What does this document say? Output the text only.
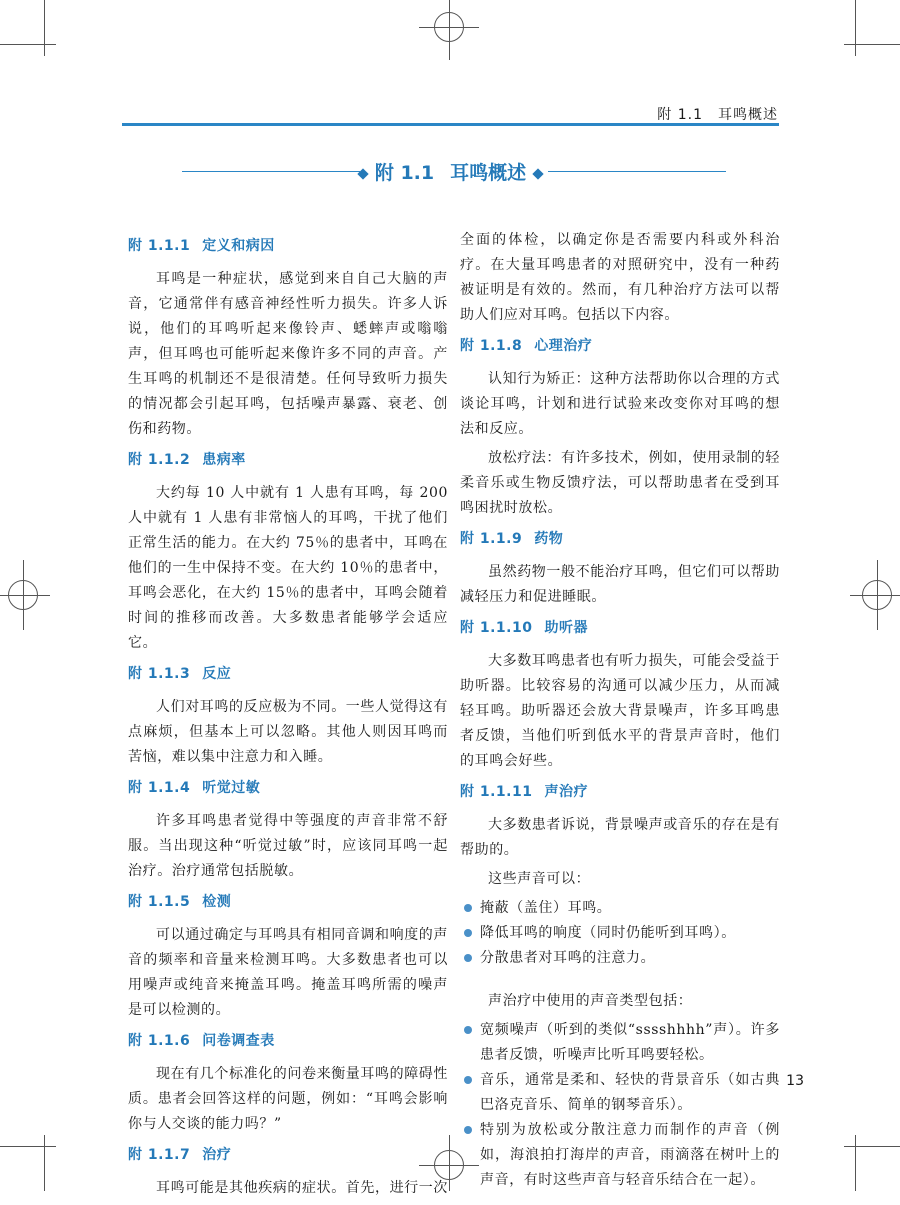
附 1.1　耳鸣概述
附 1.1 耳鸣概述
附 1.1.1 定义和病因

耳鸣是一种症状，感觉到来自自己大脑的声音，它通常伴有感音神经性听力损失。许多人诉说，他们的耳鸣听起来像铃声、蟋蟀声或嗡嗡声，但耳鸣也可能听起来像许多不同的声音。产生耳鸣的机制还不是很清楚。任何导致听力损失的情况都会引起耳鸣，包括噪声暴露、衰老、创伤和药物。

附 1.1.2 患病率

大约每 10 人中就有 1 人患有耳鸣，每 200 人中就有 1 人患有非常恼人的耳鸣，干扰了他们正常生活的能力。在大约 75％的患者中，耳鸣在他们的一生中保持不变。在大约 10％的患者中，耳鸣会恶化，在大约 15％的患者中，耳鸣会随着时间的推移而改善。大多数患者能够学会适应它。

附 1.1.3 反应

人们对耳鸣的反应极为不同。一些人觉得这有点麻烦，但基本上可以忽略。其他人则因耳鸣而苦恼，难以集中注意力和入睡。

附 1.1.4 听觉过敏

许多耳鸣患者觉得中等强度的声音非常不舒服。当出现这种“听觉过敏”时，应该同耳鸣一起治疗。治疗通常包括脱敏。

附 1.1.5 检测

可以通过确定与耳鸣具有相同音调和响度的声音的频率和音量来检测耳鸣。大多数患者也可以用噪声或纯音来掩盖耳鸣。掩盖耳鸣所需的噪声是可以检测的。

附 1.1.6 问卷调查表

现在有几个标准化的问卷来衡量耳鸣的障碍性质。患者会回答这样的问题，例如：“耳鸣会影响你与人交谈的能力吗？”

附 1.1.7 治疗

耳鸣可能是其他疾病的症状。首先，进行一次

全面的体检，以确定你是否需要内科或外科治疗。在大量耳鸣患者的对照研究中，没有一种药被证明是有效的。然而，有几种治疗方法可以帮助人们应对耳鸣。包括以下内容。

附 1.1.8 心理治疗

认知行为矫正：这种方法帮助你以合理的方式谈论耳鸣，计划和进行试验来改变你对耳鸣的想法和反应。

放松疗法：有许多技术，例如，使用录制的轻柔音乐或生物反馈疗法，可以帮助患者在受到耳鸣困扰时放松。

附 1.1.9 药物

虽然药物一般不能治疗耳鸣，但它们可以帮助减轻压力和促进睡眠。

附 1.1.10 助听器

大多数耳鸣患者也有听力损失，可能会受益于助听器。比较容易的沟通可以减少压力，从而减轻耳鸣。助听器还会放大背景噪声，许多耳鸣患者反馈，当他们听到低水平的背景声音时，他们的耳鸣会好些。

附 1.1.11 声治疗

大多数患者诉说，背景噪声或音乐的存在是有帮助的。

这些声音可以：

掩蔽（盖住）耳鸣。
降低耳鸣的响度（同时仍能听到耳鸣）。
分散患者对耳鸣的注意力。

声治疗中使用的声音类型包括：

宽频噪声（听到的类似“sssshhhh”声）。许多患者反馈，听噪声比听耳鸣要轻松。
音乐，通常是柔和、轻快的背景音乐（如古典巴洛克音乐、简单的钢琴音乐）。
特别为放松或分散注意力而制作的声音（例如，海浪拍打海岸的声音，雨滴落在树叶上的声音，有时这些声音与轻音乐结合在一起）。
13
